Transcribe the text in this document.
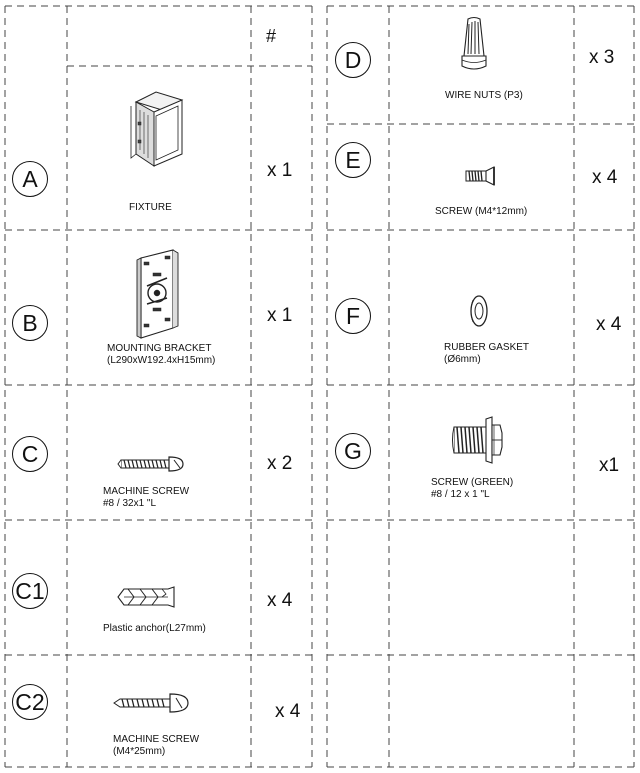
#
A
FIXTURE
x 1
B
MOUNTING BRACKET
(L290xW192.4xH15mm)
x 1
C
MACHINE SCREW
#8 / 32x1 "L
x 2
C1
Plastic anchor(L27mm)
x 4
C2
MACHINE SCREW
(M4*25mm)
x 4
D
WIRE NUTS (P3)
x 3
E
SCREW (M4*12mm)
x 4
F
RUBBER GASKET
(Ø6mm)
x 4
G
SCREW (GREEN)
#8 / 12 x 1 "L
x1
